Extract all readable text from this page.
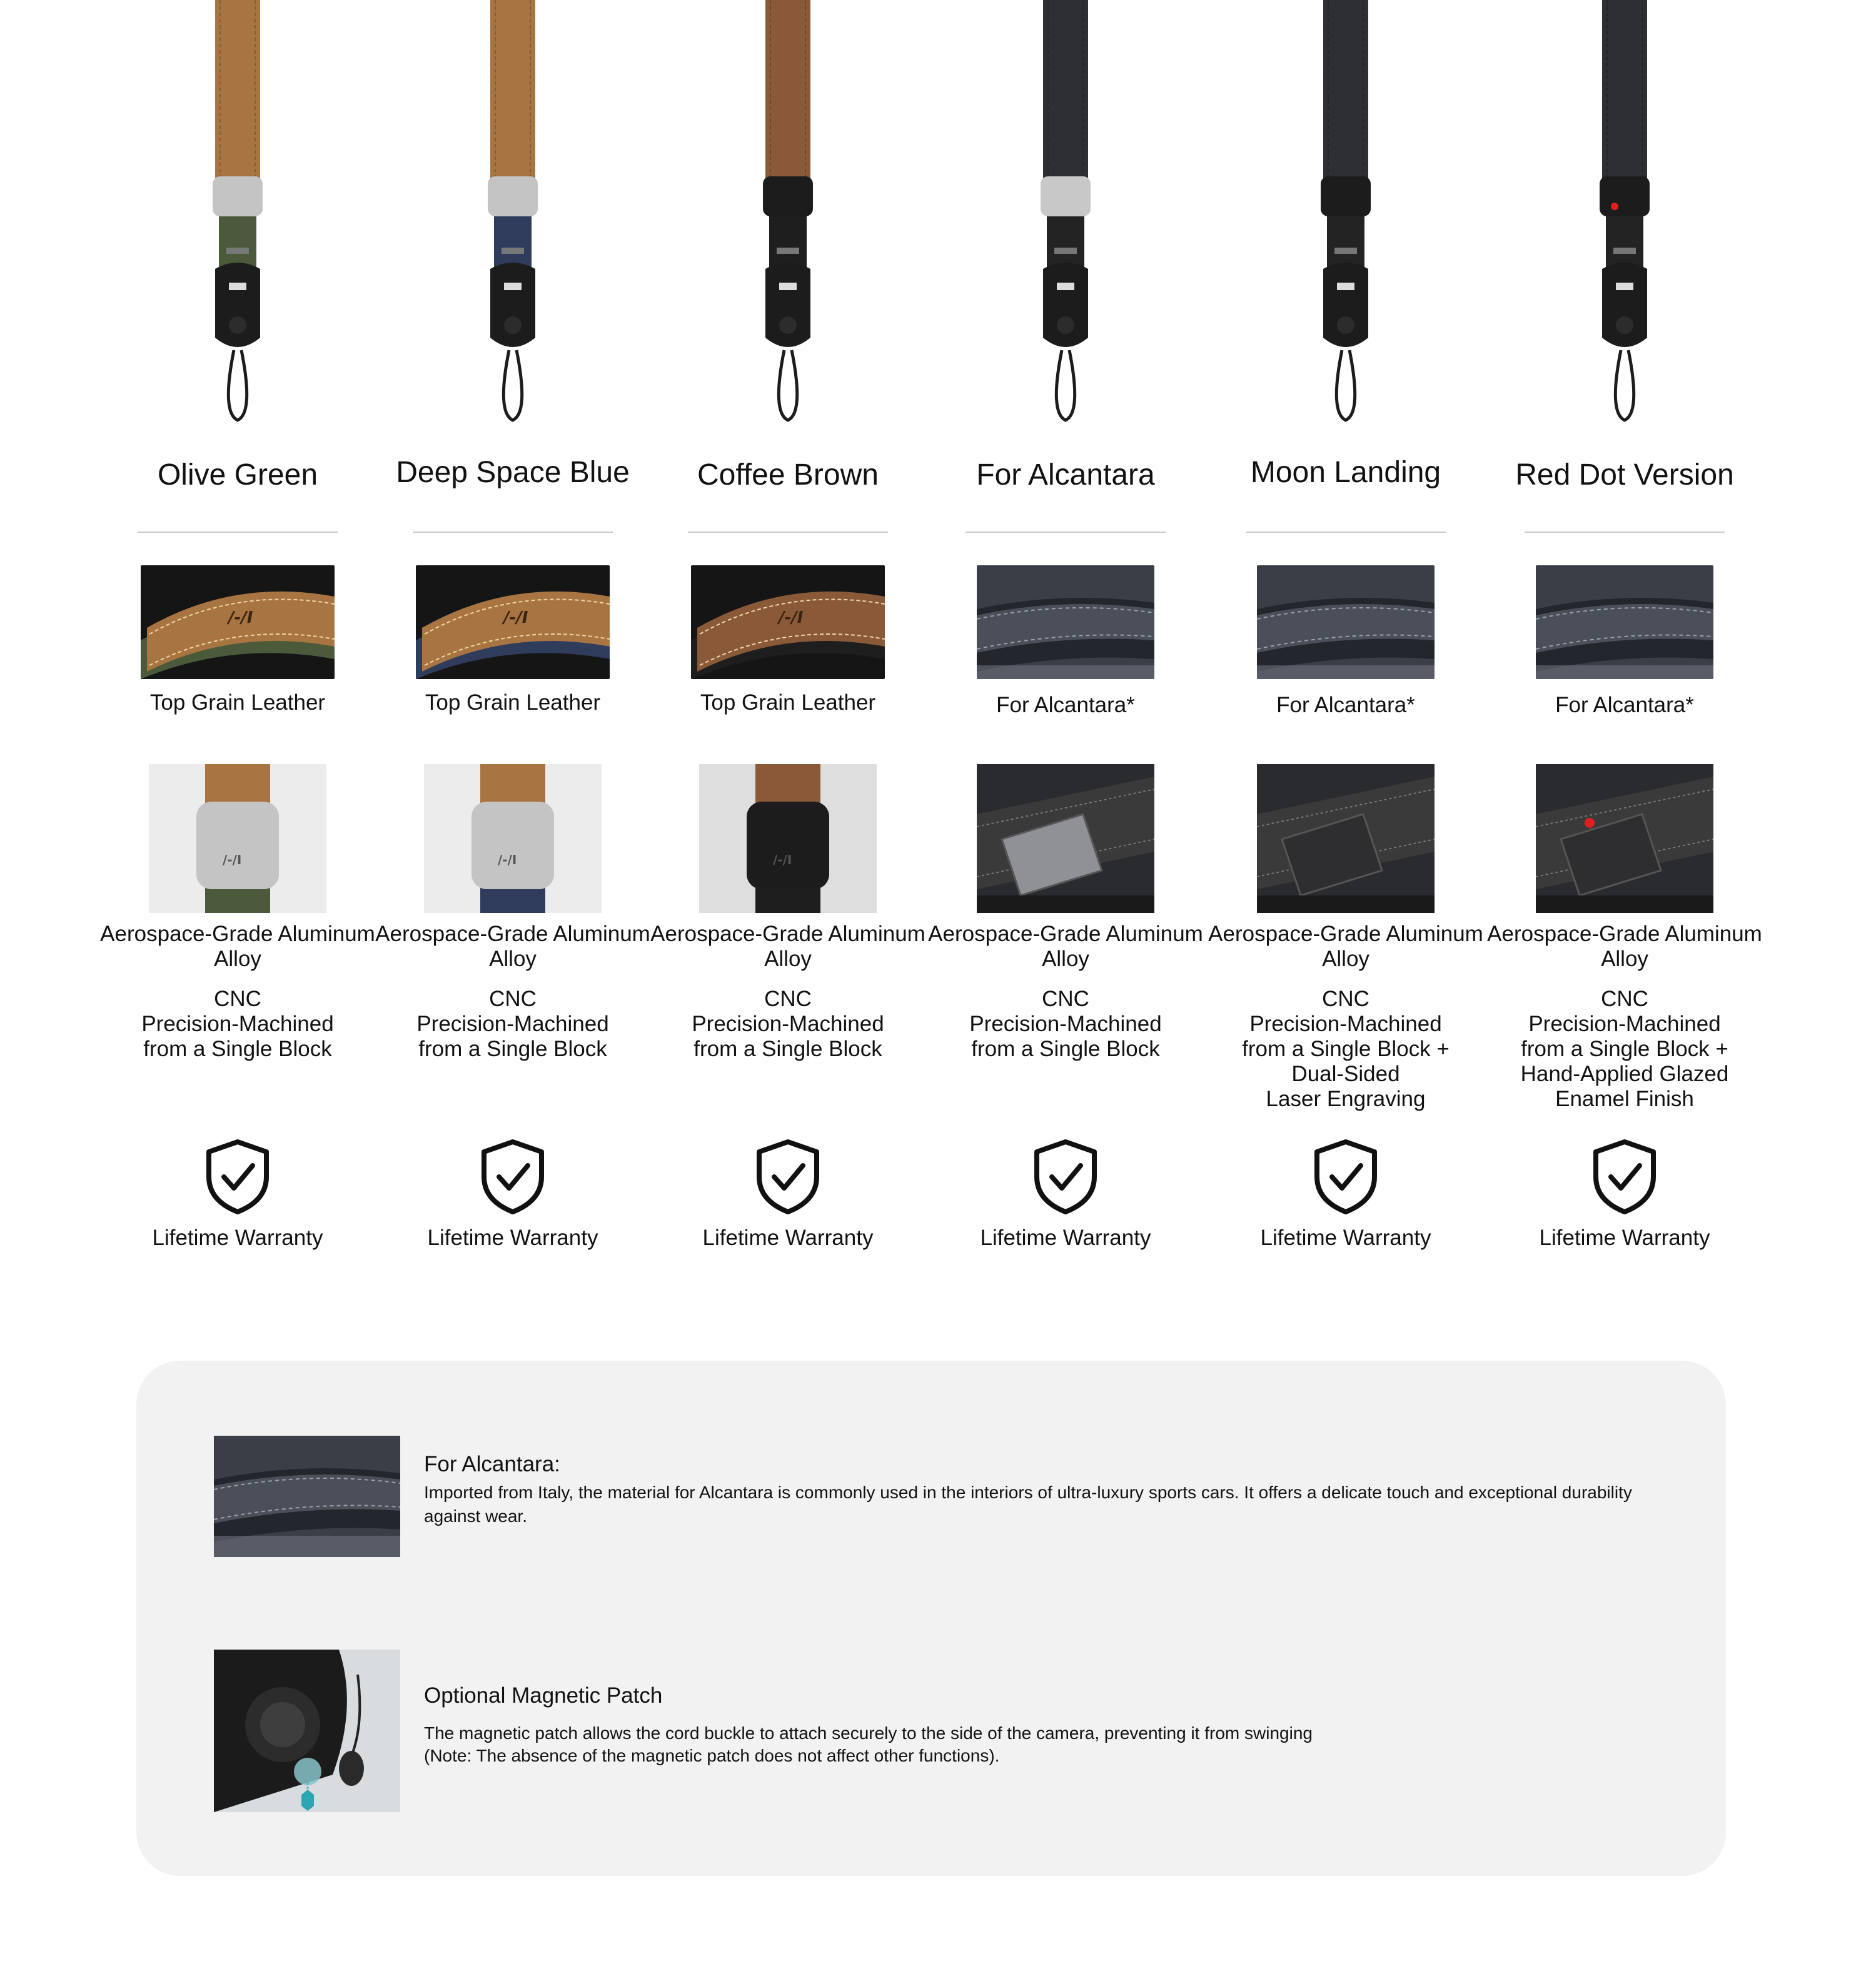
Olive Green
/-/I
Top Grain Leather
/-/I
Aerospace-Grade Aluminum Alloy
CNC
Precision-Machined
from a Single Block
Lifetime Warranty
Deep Space Blue
/-/I
Top Grain Leather
/-/I
Aerospace-Grade Aluminum Alloy
CNC
Precision-Machined
from a Single Block
Lifetime Warranty
Coffee Brown
/-/I
Top Grain Leather
/-/I
Aerospace-Grade Aluminum Alloy
CNC
Precision-Machined
from a Single Block
Lifetime Warranty
For Alcantara
For Alcantara*
Aerospace-Grade Aluminum Alloy
CNC
Precision-Machined
from a Single Block
Lifetime Warranty
Moon Landing
For Alcantara*
Aerospace-Grade Aluminum Alloy
CNC
Precision-Machined
from a Single Block +
Dual-Sided
Laser Engraving
Lifetime Warranty
Red Dot Version
For Alcantara*
Aerospace-Grade Aluminum Alloy
CNC
Precision-Machined
from a Single Block +
Hand-Applied Glazed
Enamel Finish
Lifetime Warranty
For Alcantara:
Imported from Italy, the material for Alcantara is commonly used in the interiors of ultra-luxury sports cars. It offers a delicate touch and exceptional durability against wear.
Optional Magnetic Patch
The magnetic patch allows the cord buckle to attach securely to the side of the camera, preventing it from swinging
(Note: The absence of the magnetic patch does not affect other functions).
